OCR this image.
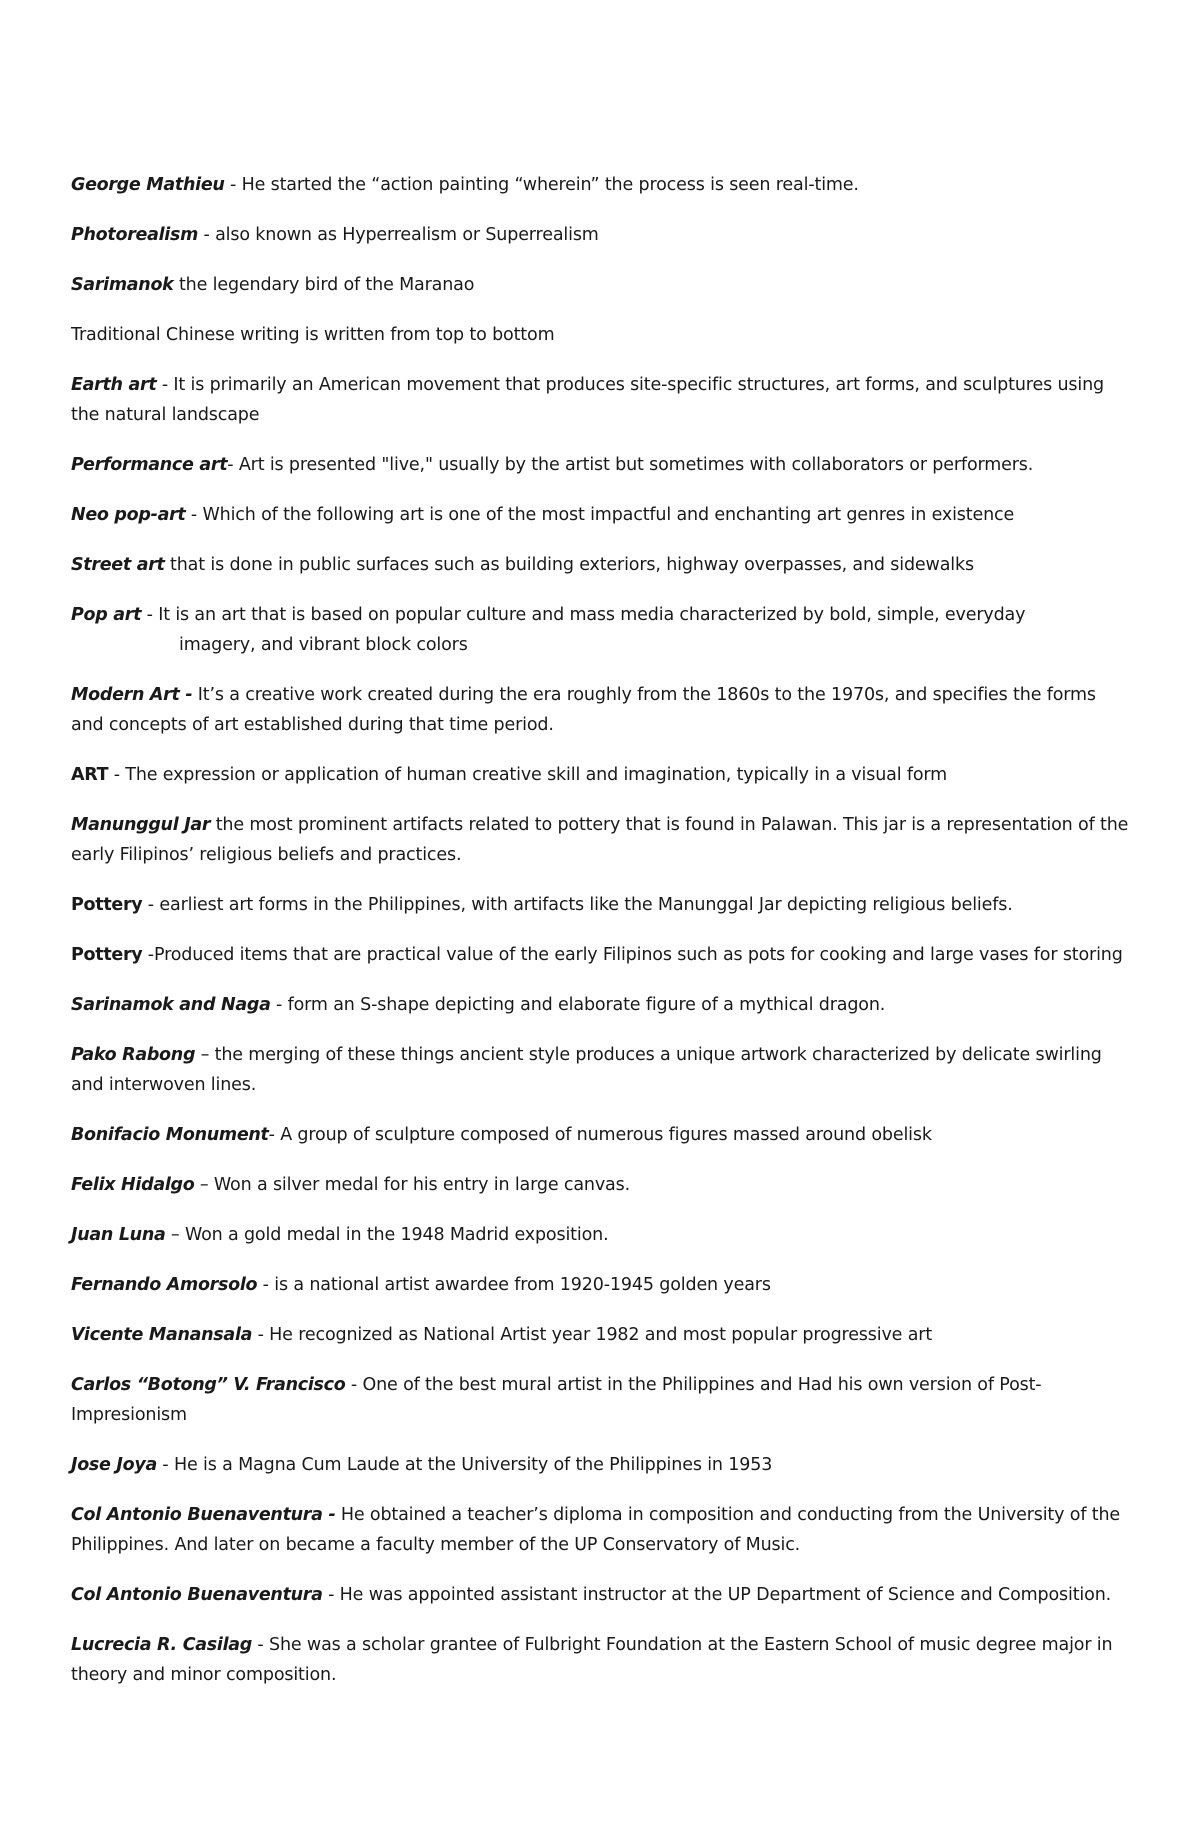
George Mathieu - He started the “action painting “wherein” the process is seen real-time.

Photorealism - also known as Hyperrealism or Superrealism

Sarimanok the legendary bird of the Maranao

Traditional Chinese writing is written from top to bottom

Earth art - It is primarily an American movement that produces site-specific structures, art forms, and sculptures using the natural landscape

Performance art- Art is presented "live," usually by the artist but sometimes with collaborators or performers.

Neo pop-art - Which of the following art is one of the most impactful and enchanting art genres in existence

Street art that is done in public surfaces such as building exteriors, highway overpasses, and sidewalks

Pop art - It is an art that is based on popular culture and mass media characterized by bold, simple, everyday
imagery, and vibrant block colors

Modern Art - It’s a creative work created during the era roughly from the 1860s to the 1970s, and specifies the forms and concepts of art established during that time period.

ART - The expression or application of human creative skill and imagination, typically in a visual form

Manunggul Jar the most prominent artifacts related to pottery that is found in Palawan. This jar is a representation of the early Filipinos’ religious beliefs and practices.

Pottery - earliest art forms in the Philippines, with artifacts like the Manunggal Jar depicting religious beliefs.

Pottery -Produced items that are practical value of the early Filipinos such as pots for cooking and large vases for storing

Sarinamok and Naga - form an S-shape depicting and elaborate figure of a mythical dragon.

Pako Rabong – the merging of these things ancient style produces a unique artwork characterized by delicate swirling and interwoven lines.

Bonifacio Monument- A group of sculpture composed of numerous figures massed around obelisk

Felix Hidalgo – Won a silver medal for his entry in large canvas.

Juan Luna – Won a gold medal in the 1948 Madrid exposition.

Fernando Amorsolo - is a national artist awardee from 1920-1945 golden years

Vicente Manansala - He recognized as National Artist year 1982 and most popular progressive art

Carlos “Botong” V. Francisco - One of the best mural artist in the Philippines and Had his own version of Post-Impresionism

Jose Joya - He is a Magna Cum Laude at the University of the Philippines in 1953

Col Antonio Buenaventura - He obtained a teacher’s diploma in composition and conducting from the University of the Philippines. And later on became a faculty member of the UP Conservatory of Music.

Col Antonio Buenaventura - He was appointed assistant instructor at the UP Department of Science and Composition.

Lucrecia R. Casilag - She was a scholar grantee of Fulbright Foundation at the Eastern School of music degree major in theory and minor composition.
